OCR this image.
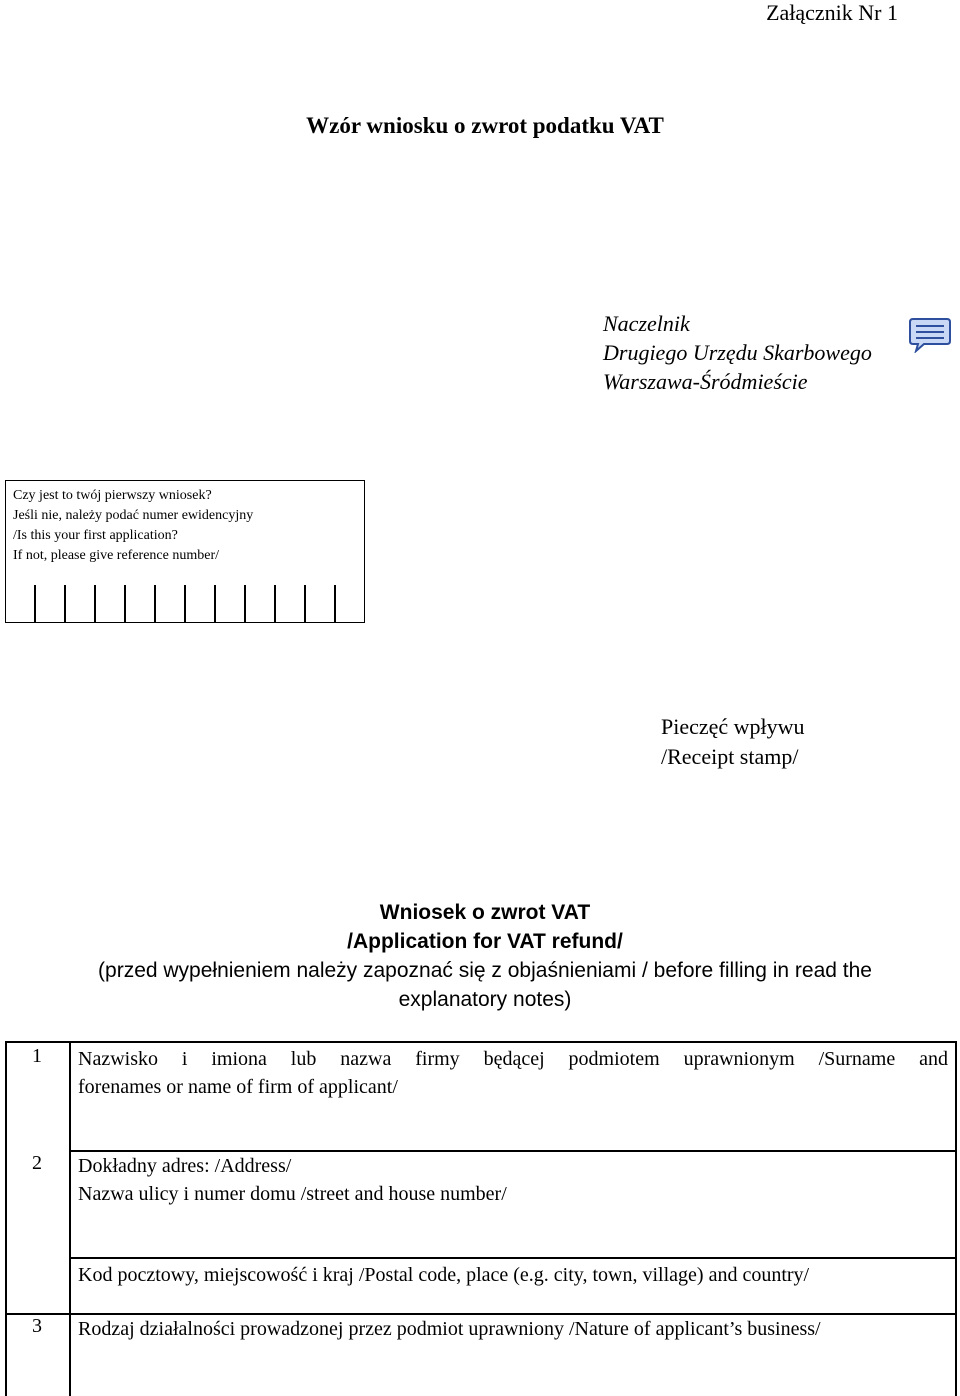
Załącznik Nr 1
Wzór wniosku o zwrot podatku VAT
Naczelnik
Drugiego Urzędu Skarbowego
Warszawa-Śródmieście
Czy jest to twój pierwszy wniosek?
Jeśli nie, należy podać numer ewidencyjny
/Is this your first application?
If not, please give reference number/
Pieczęć wpływu
/Receipt stamp/
Wniosek o zwrot VAT
/Application for VAT refund/
(przed wypełnieniem należy zapoznać się z objaśnieniami / before filling in read the
explanatory notes)
1 Nazwisko i imiona lub nazwa firmy będącej podmiotem uprawnionym /Surname and
forenames or name of firm of applicant/
2 Dokładny adres: /Address/
Nazwa ulicy i numer domu /street and house number/
Kod pocztowy, miejscowość i kraj /Postal code, place (e.g. city, town, village) and country/
3 Rodzaj działalności prowadzonej przez podmiot uprawniony /Nature of applicant’s business/
